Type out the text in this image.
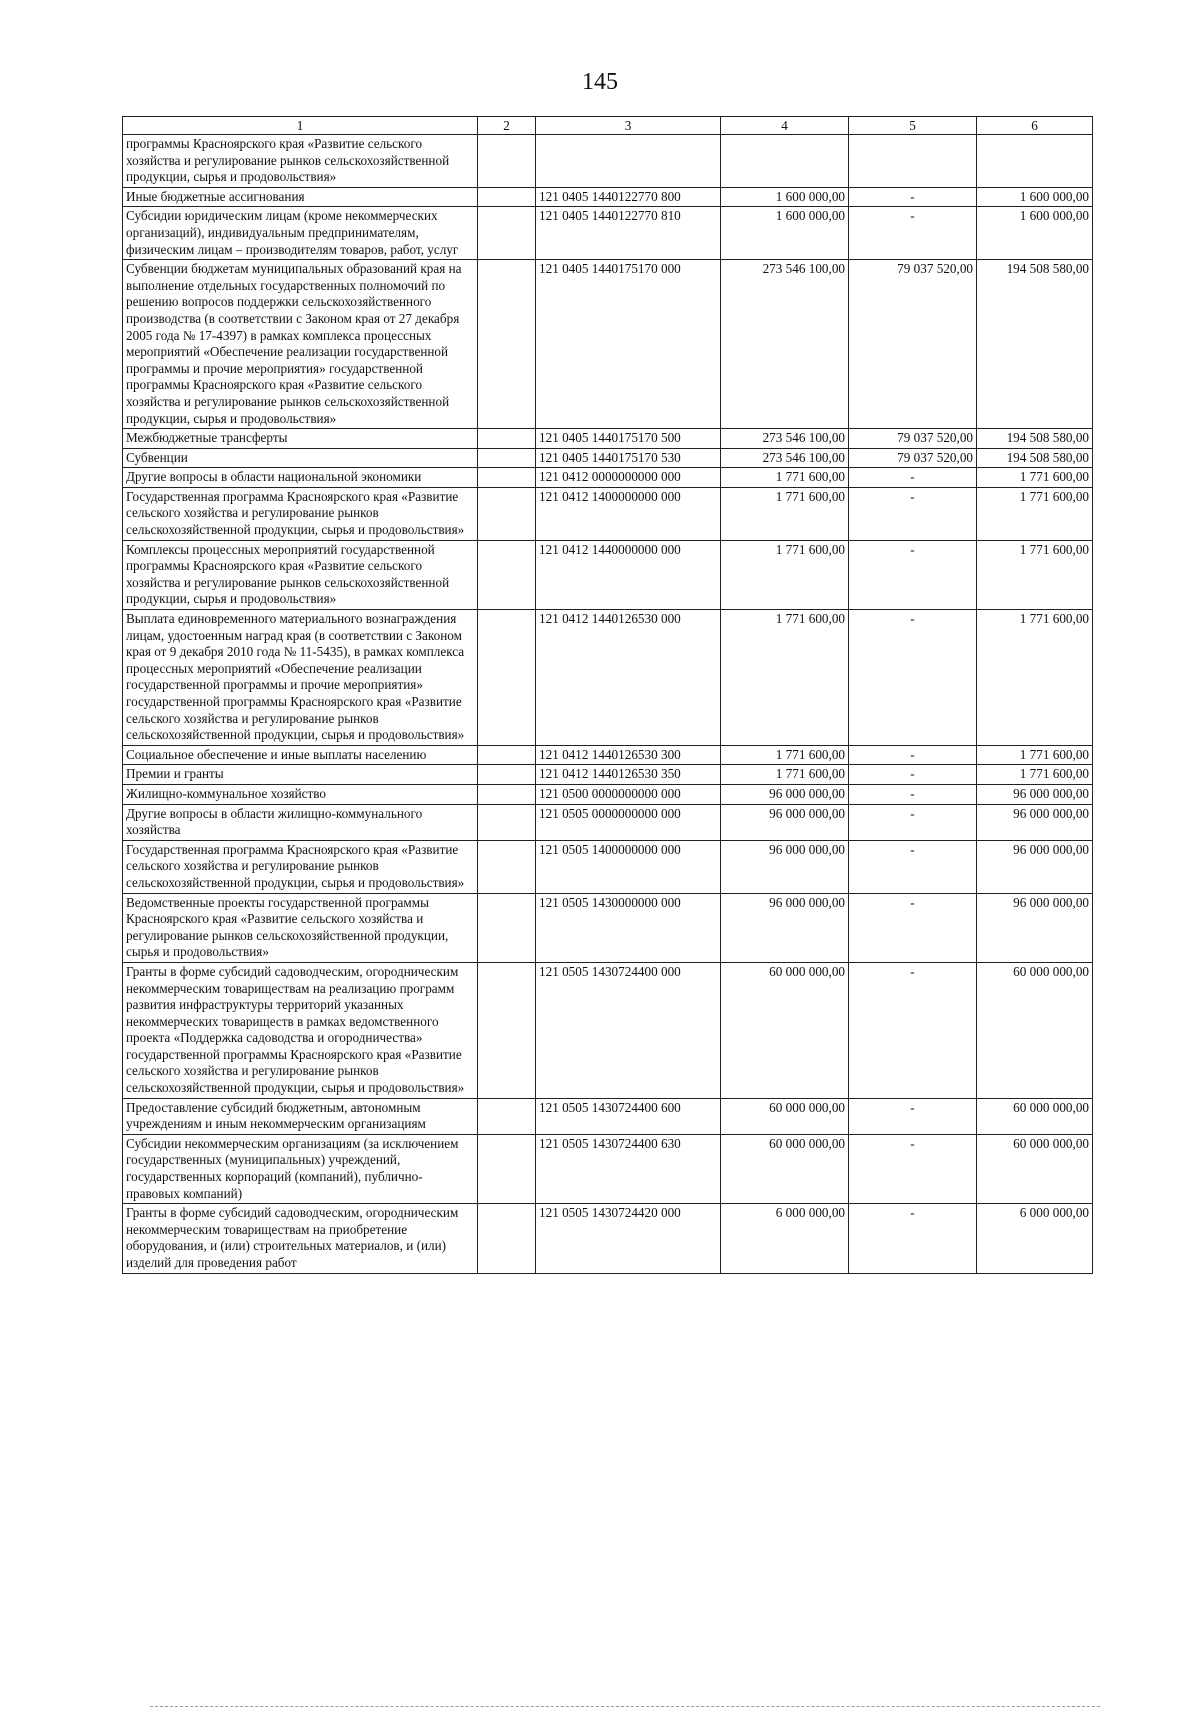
145
1	2	3	4	5	6
программы Красноярского края «Развитие сельского хозяйства и регулирование рынков сельскохозяйственной продукции, сырья и продовольствия»					
Иные бюджетные ассигнования		121 0405 1440122770 800	1 600 000,00	-	1 600 000,00
Субсидии юридическим лицам (кроме некоммерческих организаций), индивидуальным предпринимателям, физическим лицам – производителям товаров, работ, услуг		121 0405 1440122770 810	1 600 000,00	-	1 600 000,00
Субвенции бюджетам муниципальных образований края на выполнение отдельных государственных полномочий по решению вопросов поддержки сельскохозяйственного производства (в соответствии с Законом края от 27 декабря 2005 года № 17-4397) в рамках комплекса процессных мероприятий «Обеспечение реализации государственной программы и прочие мероприятия» государственной программы Красноярского края «Развитие сельского хозяйства и регулирование рынков сельскохозяйственной продукции, сырья и продовольствия»		121 0405 1440175170 000	273 546 100,00	79 037 520,00	194 508 580,00
Межбюджетные трансферты		121 0405 1440175170 500	273 546 100,00	79 037 520,00	194 508 580,00
Субвенции		121 0405 1440175170 530	273 546 100,00	79 037 520,00	194 508 580,00
Другие вопросы в области национальной экономики		121 0412 0000000000 000	1 771 600,00	-	1 771 600,00
Государственная программа Красноярского края «Развитие сельского хозяйства и регулирование рынков сельскохозяйственной продукции, сырья и продовольствия»		121 0412 1400000000 000	1 771 600,00	-	1 771 600,00
Комплексы процессных мероприятий государственной программы Красноярского края «Развитие сельского хозяйства и регулирование рынков сельскохозяйственной продукции, сырья и продовольствия»		121 0412 1440000000 000	1 771 600,00	-	1 771 600,00
Выплата единовременного материального вознаграждения лицам, удостоенным наград края (в соответствии с Законом края от 9 декабря 2010 года № 11-5435), в рамках комплекса процессных мероприятий «Обеспечение реализации государственной программы и прочие мероприятия» государственной программы Красноярского края «Развитие сельского хозяйства и регулирование рынков сельскохозяйственной продукции, сырья и продовольствия»		121 0412 1440126530 000	1 771 600,00	-	1 771 600,00
Социальное обеспечение и иные выплаты населению		121 0412 1440126530 300	1 771 600,00	-	1 771 600,00
Премии и гранты		121 0412 1440126530 350	1 771 600,00	-	1 771 600,00
Жилищно-коммунальное хозяйство		121 0500 0000000000 000	96 000 000,00	-	96 000 000,00
Другие вопросы в области жилищно-коммунального хозяйства		121 0505 0000000000 000	96 000 000,00	-	96 000 000,00
Государственная программа Красноярского края «Развитие сельского хозяйства и регулирование рынков сельскохозяйственной продукции, сырья и продовольствия»		121 0505 1400000000 000	96 000 000,00	-	96 000 000,00
Ведомственные проекты государственной программы Красноярского края «Развитие сельского хозяйства и регулирование рынков сельскохозяйственной продукции, сырья и продовольствия»		121 0505 1430000000 000	96 000 000,00	-	96 000 000,00
Гранты в форме субсидий садоводческим, огородническим некоммерческим товариществам на реализацию программ развития инфраструктуры территорий указанных некоммерческих товариществ в рамках ведомственного проекта «Поддержка садоводства и огородничества» государственной программы Красноярского края «Развитие сельского хозяйства и регулирование рынков сельскохозяйственной продукции, сырья и продовольствия»		121 0505 1430724400 000	60 000 000,00	-	60 000 000,00
Предоставление субсидий бюджетным, автономным учреждениям и иным некоммерческим организациям		121 0505 1430724400 600	60 000 000,00	-	60 000 000,00
Субсидии некоммерческим организациям (за исключением государственных (муниципальных) учреждений, государственных корпораций (компаний), публично-правовых компаний)		121 0505 1430724400 630	60 000 000,00	-	60 000 000,00
Гранты в форме субсидий садоводческим, огородническим некоммерческим товариществам на приобретение оборудования, и (или) строительных материалов, и (или) изделий для проведения работ		121 0505 1430724420 000	6 000 000,00	-	6 000 000,00
